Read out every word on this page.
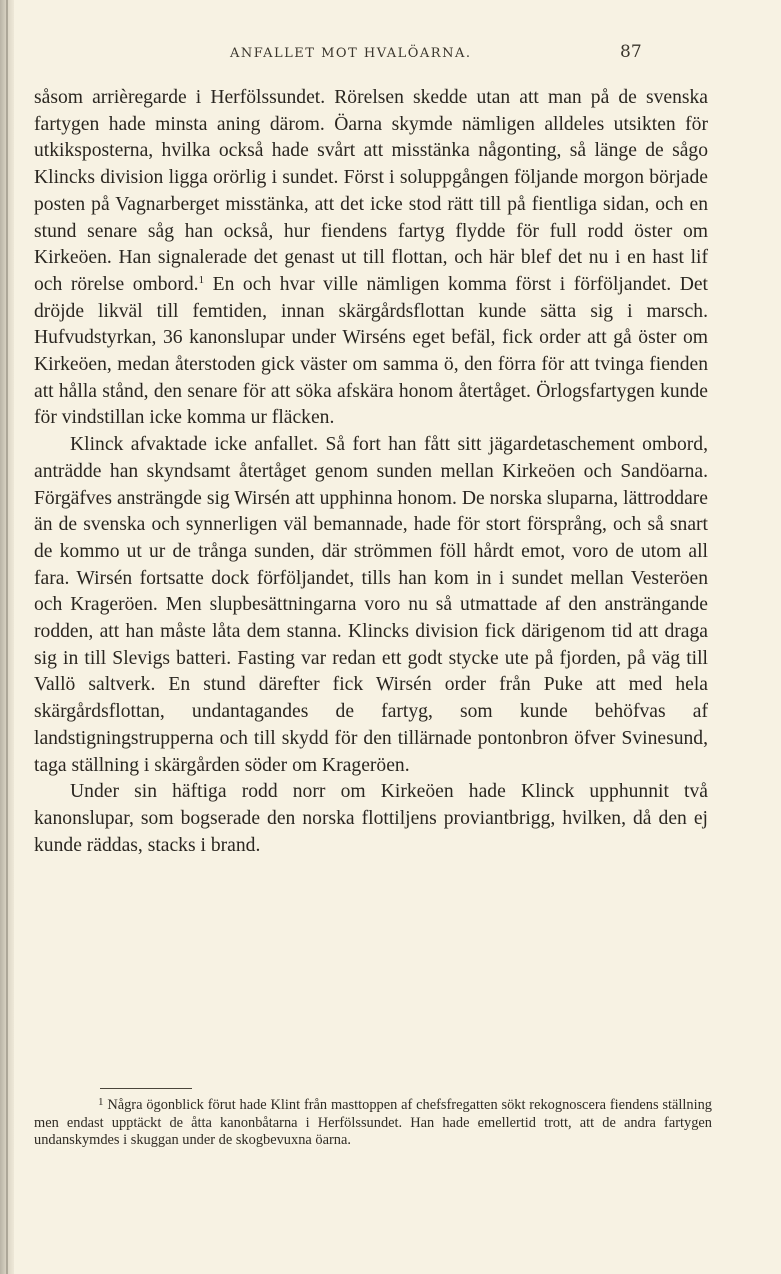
ANFALLET MOT HVALÖARNA.	87

såsom arrièregarde i Herfölssundet. Rörelsen skedde utan att man på de svenska fartygen hade minsta aning därom. Öarna skymde nämligen alldeles utsikten för utkiksposterna, hvilka också hade svårt att misstänka någonting, så länge de sågo Klincks division ligga orörlig i sundet. Först i soluppgången följande morgon började posten på Vagnarberget misstänka, att det icke stod rätt till på fientliga sidan, och en stund senare såg han också, hur fiendens fartyg flydde för full rodd öster om Kirkeöen. Han signalerade det genast ut till flottan, och här blef det nu i en hast lif och rörelse ombord.$^1$ En och hvar ville nämligen komma först i förföljandet. Det dröjde likväl till femtiden, innan skärgårdsflottan kunde sätta sig i marsch. Hufvudstyrkan, 36 kanonslupar under Wirséns eget befäl, fick order att gå öster om Kirkeöen, medan återstoden gick väster om samma ö, den förra för att tvinga fienden att hålla stånd, den senare för att söka afskära honom återtåget. Örlogsfartygen kunde för vindstillan icke komma ur fläcken.

Klinck afvaktade icke anfallet. Så fort han fått sitt jägardetaschement ombord, anträdde han skyndsamt återtåget genom sunden mellan Kirkeöen och Sandöarna. Förgäfves ansträngde sig Wirsén att upphinna honom. De norska sluparna, lättroddare än de svenska och synnerligen väl bemannade, hade för stort försprång, och så snart de kommo ut ur de trånga sunden, där strömmen föll hårdt emot, voro de utom all fara. Wirsén fortsatte dock förföljandet, tills han kom in i sundet mellan Vesteröen och Krageröen. Men slupbesättningarna voro nu så utmattade af den ansträngande rodden, att han måste låta dem stanna. Klincks division fick därigenom tid att draga sig in till Slevigs batteri. Fasting var redan ett godt stycke ute på fjorden, på väg till Vallö saltverk. En stund därefter fick Wirsén order från Puke att med hela skärgårdsflottan, undantagandes de fartyg, som kunde behöfvas af landstigningstrupperna och till skydd för den tillärnade pontonbron öfver Svinesund, taga ställning i skärgården söder om Krageröen.

Under sin häftiga rodd norr om Kirkeöen hade Klinck upphunnit två kanonslupar, som bogserade den norska flottiljens proviantbrigg, hvilken, då den ej kunde räddas, stacks i brand.

$^1$ Några ögonblick förut hade Klint från masttoppen af chefsfregatten sökt rekognoscera fiendens ställning men endast upptäckt de åtta kanonbåtarna i Herfölssundet. Han hade emellertid trott, att de andra fartygen undanskymdes i skuggan under de skogbevuxna öarna.
